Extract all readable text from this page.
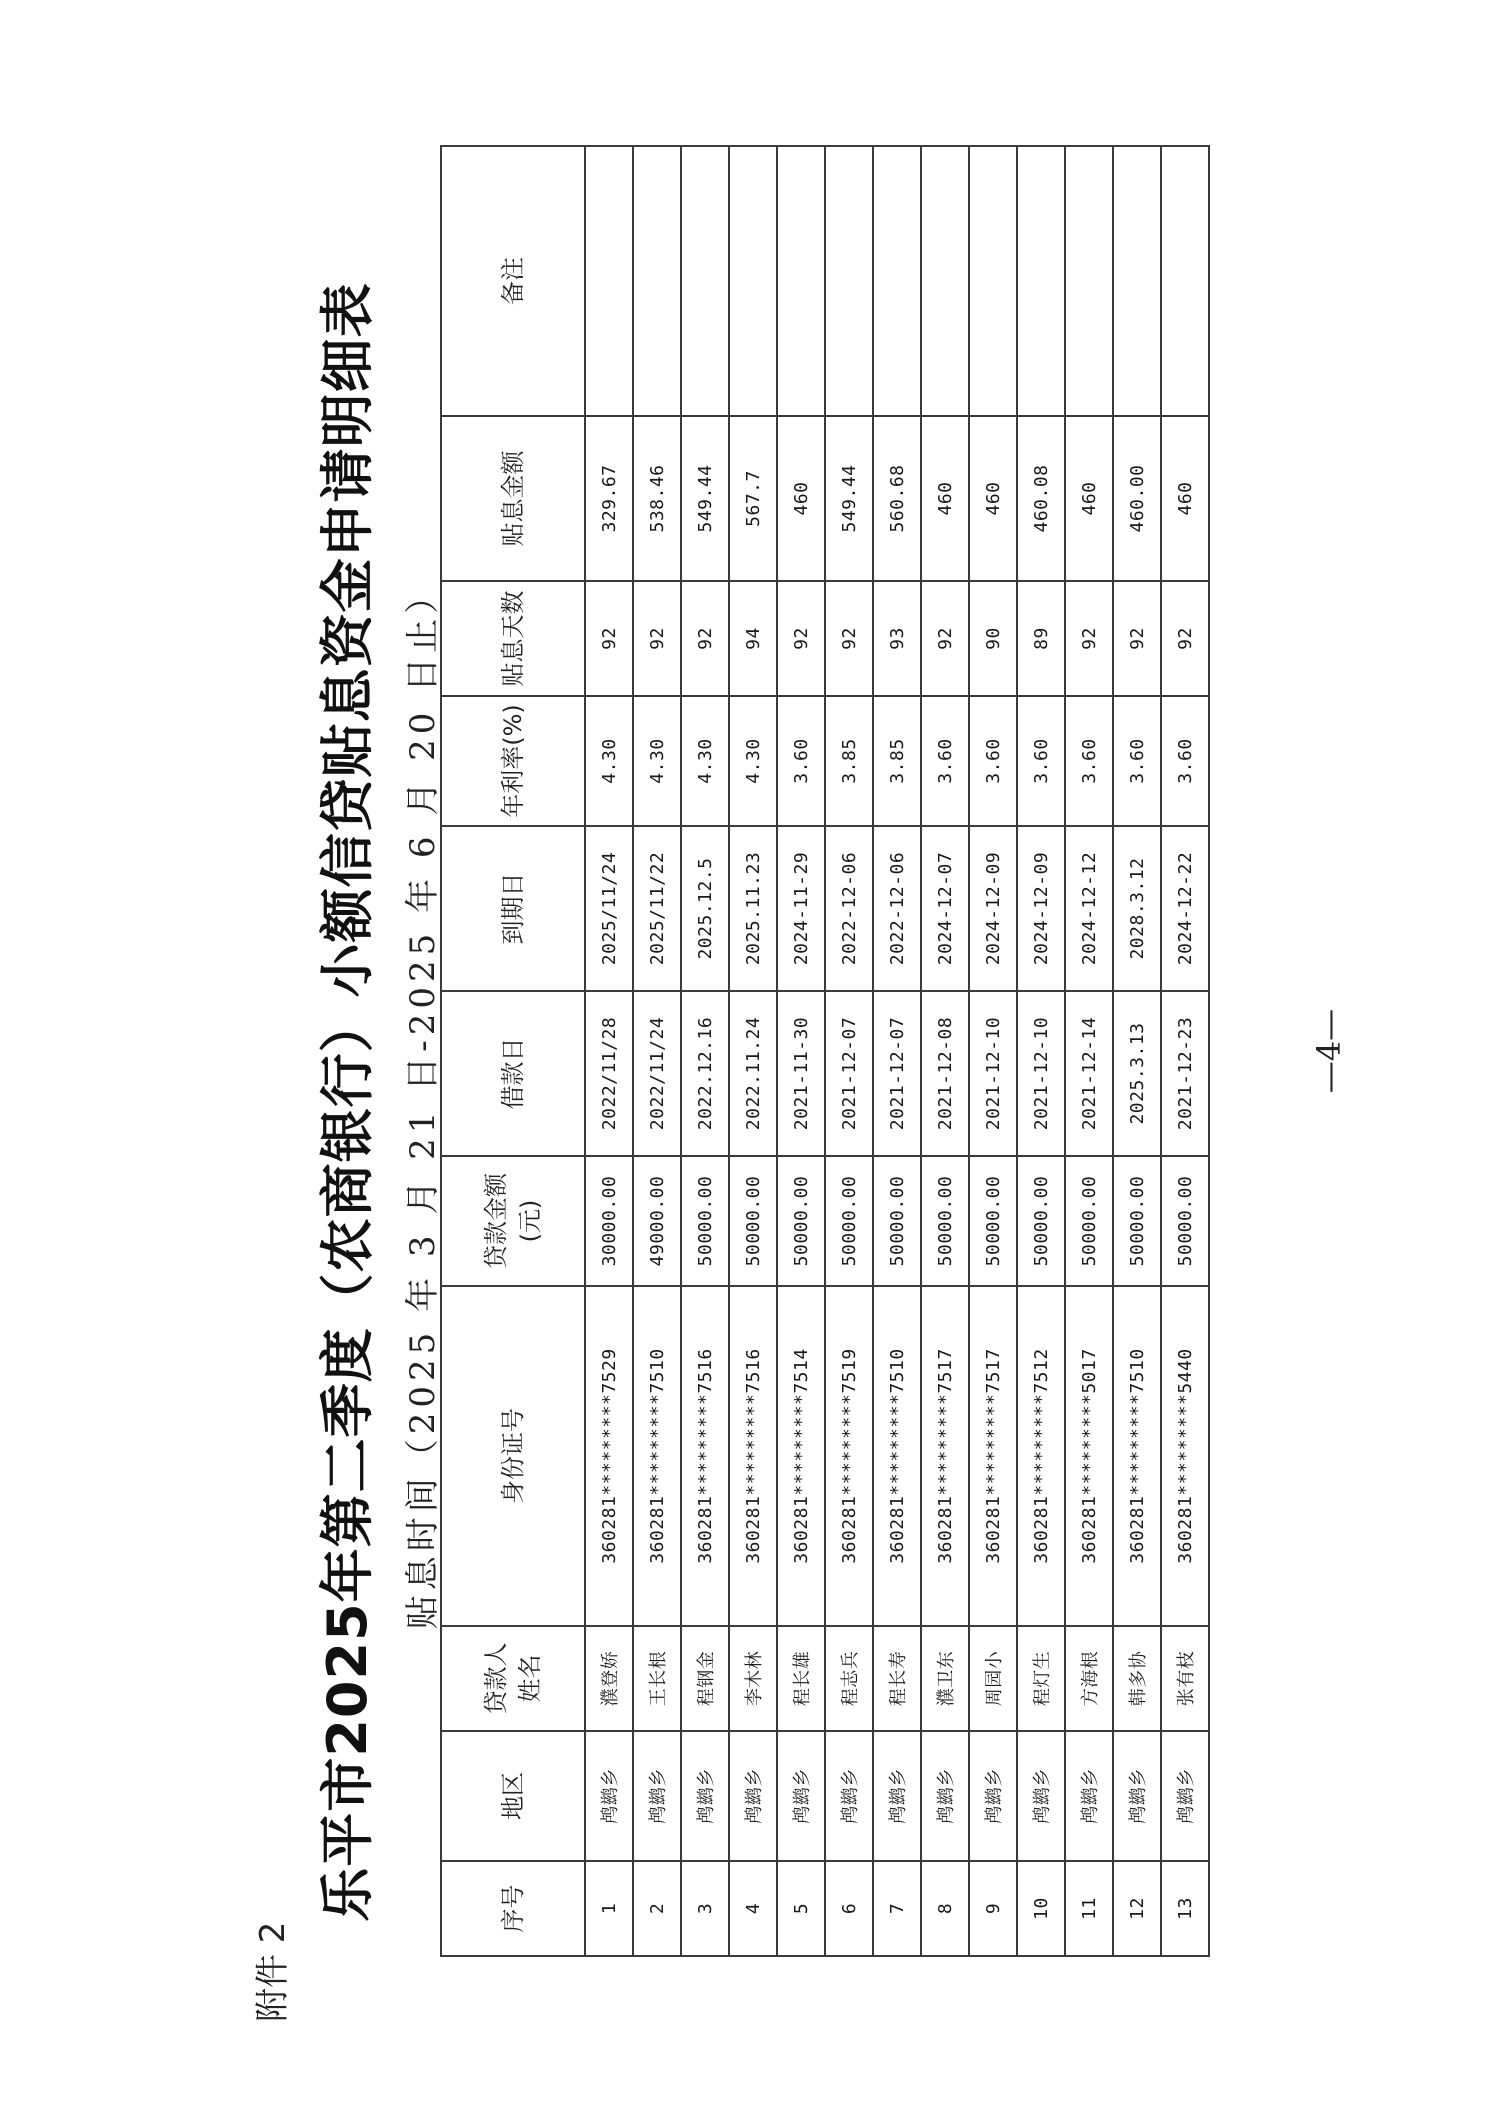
附件 2
乐平市2025年第二季度（农商银行）小额信贷贴息资金申请明细表 贴息时间（2025 年 3 月 21 日-2025 年 6 月 20 日止）
序号	地区	贷款人姓名	身份证号	贷款金额(元)	借款日	到期日	年利率(%)	贴息天数	贴息金额	备注
1	鸬鹚乡	濮登娇	360281*********7529	30000.00	2022/11/28	2025/11/24	4.30	92	329.67	
2	鸬鹚乡	王长根	360281*********7510	49000.00	2022/11/24	2025/11/22	4.30	92	538.46	
3	鸬鹚乡	程钢金	360281*********7516	50000.00	2022.12.16	2025.12.5	4.30	92	549.44	
4	鸬鹚乡	李木林	360281*********7516	50000.00	2022.11.24	2025.11.23	4.30	94	567.7	
5	鸬鹚乡	程长雄	360281*********7514	50000.00	2021-11-30	2024-11-29	3.60	92	460	
6	鸬鹚乡	程志兵	360281*********7519	50000.00	2021-12-07	2022-12-06	3.85	92	549.44	
7	鸬鹚乡	程长寿	360281*********7510	50000.00	2021-12-07	2022-12-06	3.85	93	560.68	
8	鸬鹚乡	濮卫东	360281*********7517	50000.00	2021-12-08	2024-12-07	3.60	92	460	
9	鸬鹚乡	周园小	360281*********7517	50000.00	2021-12-10	2024-12-09	3.60	90	460	
10	鸬鹚乡	程灯生	360281*********7512	50000.00	2021-12-10	2024-12-09	3.60	89	460.08	
11	鸬鹚乡	方海根	360281*********5017	50000.00	2021-12-14	2024-12-12	3.60	92	460	
12	鸬鹚乡	韩多协	360281*********7510	50000.00	2025.3.13	2028.3.12	3.60	92	460.00	
13	鸬鹚乡	张有枝	360281*********5440	50000.00	2021-12-23	2024-12-22	3.60	92	460	
—4—
